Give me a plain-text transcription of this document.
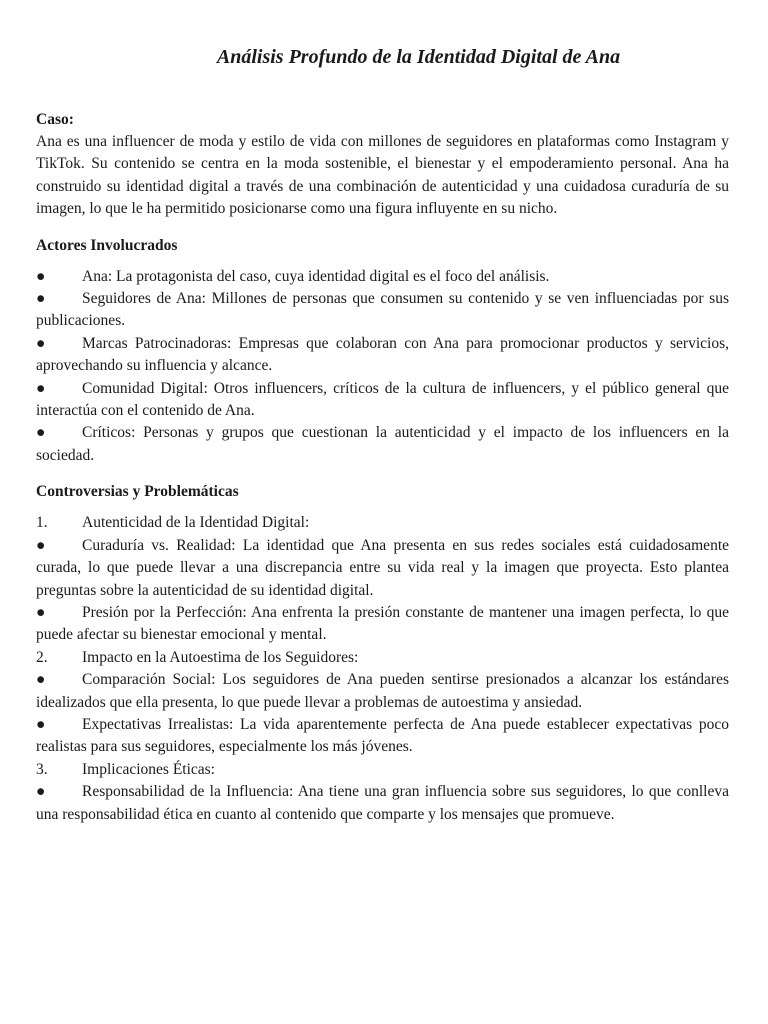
Análisis Profundo de la Identidad Digital de Ana
Caso:

Ana es una influencer de moda y estilo de vida con millones de seguidores en plataformas como Instagram y TikTok. Su contenido se centra en la moda sostenible, el bienestar y el empoderamiento personal. Ana ha construido su identidad digital a través de una combinación de autenticidad y una cuidadosa curaduría de su imagen, lo que le ha permitido posicionarse como una figura influyente en su nicho.

Actores Involucrados

● Ana: La protagonista del caso, cuya identidad digital es el foco del análisis.

● Seguidores de Ana: Millones de personas que consumen su contenido y se ven influenciadas por sus publicaciones.

● Marcas Patrocinadoras: Empresas que colaboran con Ana para promocionar productos y servicios, aprovechando su influencia y alcance.

● Comunidad Digital: Otros influencers, críticos de la cultura de influencers, y el público general que interactúa con el contenido de Ana.

● Críticos: Personas y grupos que cuestionan la autenticidad y el impacto de los influencers en la sociedad.

Controversias y Problemáticas

1. Autenticidad de la Identidad Digital:

● Curaduría vs. Realidad: La identidad que Ana presenta en sus redes sociales está cuidadosamente curada, lo que puede llevar a una discrepancia entre su vida real y la imagen que proyecta. Esto plantea preguntas sobre la autenticidad de su identidad digital.

● Presión por la Perfección: Ana enfrenta la presión constante de mantener una imagen perfecta, lo que puede afectar su bienestar emocional y mental.

2. Impacto en la Autoestima de los Seguidores:

● Comparación Social: Los seguidores de Ana pueden sentirse presionados a alcanzar los estándares idealizados que ella presenta, lo que puede llevar a problemas de autoestima y ansiedad.

● Expectativas Irrealistas: La vida aparentemente perfecta de Ana puede establecer expectativas poco realistas para sus seguidores, especialmente los más jóvenes.

3. Implicaciones Éticas:

● Responsabilidad de la Influencia: Ana tiene una gran influencia sobre sus seguidores, lo que conlleva una responsabilidad ética en cuanto al contenido que comparte y los mensajes que promueve.
